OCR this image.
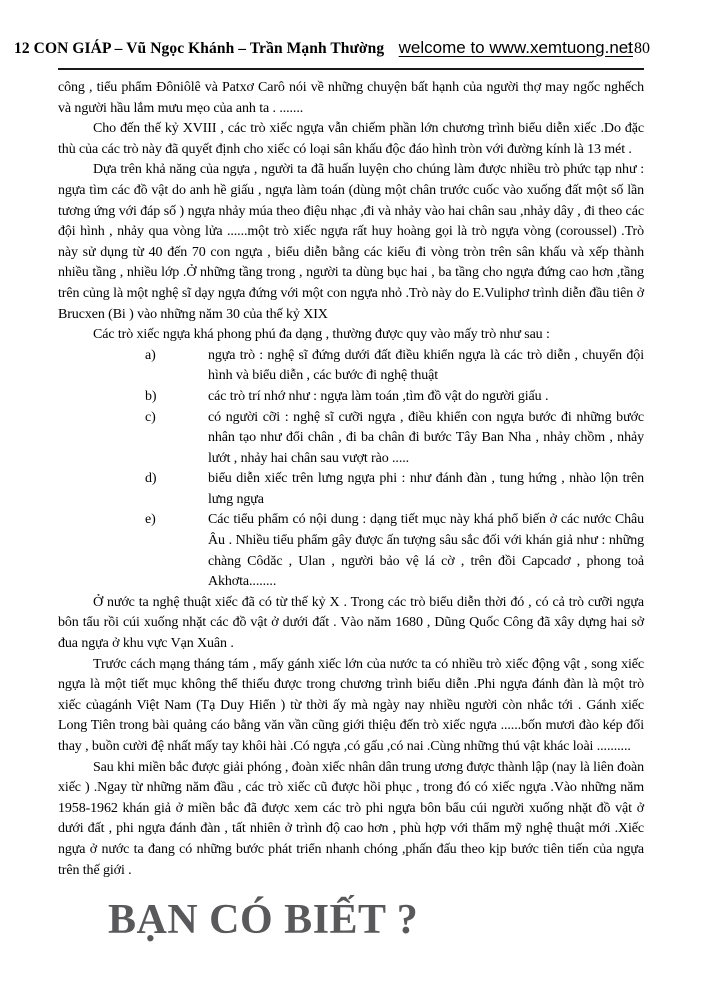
12 CON GIÁP – Vũ Ngọc Khánh – Trần Mạnh Thường welcome to www.xemtuong.net
180

công , tiểu phẩm Đôniôlê và Patxơ Carô nói về những chuyện bất hạnh của người thợ may ngốc nghếch và người hầu lắm mưu mẹo của anh ta . .......

Cho đến thế kỷ XVIII , các trò xiếc ngựa vẫn chiếm phần lớn chương trình biểu diễn xiếc .Do đặc thù của các trò này đã quyết định cho xiếc có loại sân khấu độc đáo hình tròn với đường kính là 13 mét .

Dựa trên khả năng của ngựa , người ta đã huấn luyện cho chúng làm được nhiều trò phức tạp như : ngựa tìm các đồ vật do anh hề giấu , ngựa làm toán (dùng một chân trước cuốc vào xuống đất một số lần tương ứng với đáp số ) ngựa nhảy múa theo điệu nhạc ,đi và nhảy vào hai chân sau ,nhảy dây , đi theo các đội hình , nhảy qua vòng lửa ......một trò xiếc ngựa rất huy hoàng gọi là trò ngựa vòng (coroussel) .Trò này sử dụng từ 40 đến 70 con ngựa , biểu diễn bằng các kiểu đi vòng tròn trên sân khấu và xếp thành nhiều tầng , nhiều lớp .Ở những tầng trong , người ta dùng bục hai , ba tầng cho ngựa đứng cao hơn ,tầng trên củng là một nghệ sĩ dạy ngựa đứng với một con ngựa nhỏ .Trò này do E.Vuliphơ trình diễn đầu tiên ở Brucxen (Bi ) vào những năm 30 của thế kỷ XIX

Các trò xiếc ngựa khá phong phú đa dạng , thường được quy vào mấy trò như sau :

a)	ngựa trò : nghệ sĩ đứng dưới đất điều khiển ngựa là các trò diễn , chuyển đội hình và biểu diễn , các bước đi nghệ thuật
b)	các trò trí nhớ như : ngựa làm toán ,tìm đồ vật do người giấu .
c)	có người cỡi : nghệ sĩ cưỡi ngựa , điều khiển con ngựa bước đi những bước nhân tạo như đổi chân , đi ba chân đi bước Tây Ban Nha , nhảy chồm , nhảy lướt , nhảy hai chân sau vượt rào .....
d)	biểu diễn xiếc trên lưng ngựa phi : như đánh đàn , tung hứng , nhào lộn trên lưng ngựa
e)	Các tiểu phẩm có nội dung : dạng tiết mục này khá phổ biến ở các nước Châu Âu . Nhiều tiểu phẩm gây được ấn tượng sâu sắc đối với khán giả như : những chàng Côdăc , Ulan , người bảo vệ lá cờ , trên đồi Capcadơ , phong toả Akhơta........

Ở nước ta nghệ thuật xiếc đã có từ thế kỷ X . Trong các trò biểu diễn thời đó , có cả trò cưỡi ngựa bôn tẩu rồi cúi xuống nhặt các đồ vật ở dưới đất . Vào năm 1680 , Dũng Quốc Công đã xây dựng hai sở đua ngựa ở khu vực Vạn Xuân .

Trước cách mạng tháng tám , mấy gánh xiếc lớn của nước ta có nhiều trò xiếc động vật , song xiếc ngựa là một tiết mục không thể thiếu được trong chương trình biểu diễn .Phi ngựa đánh đàn là một trò xiếc củagánh Việt Nam (Tạ Duy Hiển ) từ thời ấy mà ngày nay nhiều người còn nhắc tới . Gánh xiếc Long Tiên trong bài quảng cáo bằng văn vần cũng giới thiệu đến trò xiếc ngựa ......bốn mươi đào kép đổi thay , buồn cười đệ nhất mấy tay khôi hài .Có ngựa ,có gấu ,có nai .Cùng những thú vật khác loài ..........

Sau khi miền bắc được giải phóng , đoàn xiếc nhân dân trung ương được thành lập (nay là liên đoàn xiếc ) .Ngay từ những năm đầu , các trò xiếc cũ được hồi phục , trong đó có xiếc ngựa .Vào những năm 1958-1962 khán giả ở miền bắc đã được xem các trò phi ngựa bôn bẩu cúi người xuống nhặt đồ vật ở dưới đất , phi ngựa đánh đàn , tất nhiên ở trình độ cao hơn , phù hợp với thẩm mỹ nghệ thuật mới .Xiếc ngựa ở nước ta đang có những bước phát triển nhanh chóng ,phấn đấu theo kịp bước tiên tiến của ngựa trên thế giới .

BẠN CÓ BIẾT ?
